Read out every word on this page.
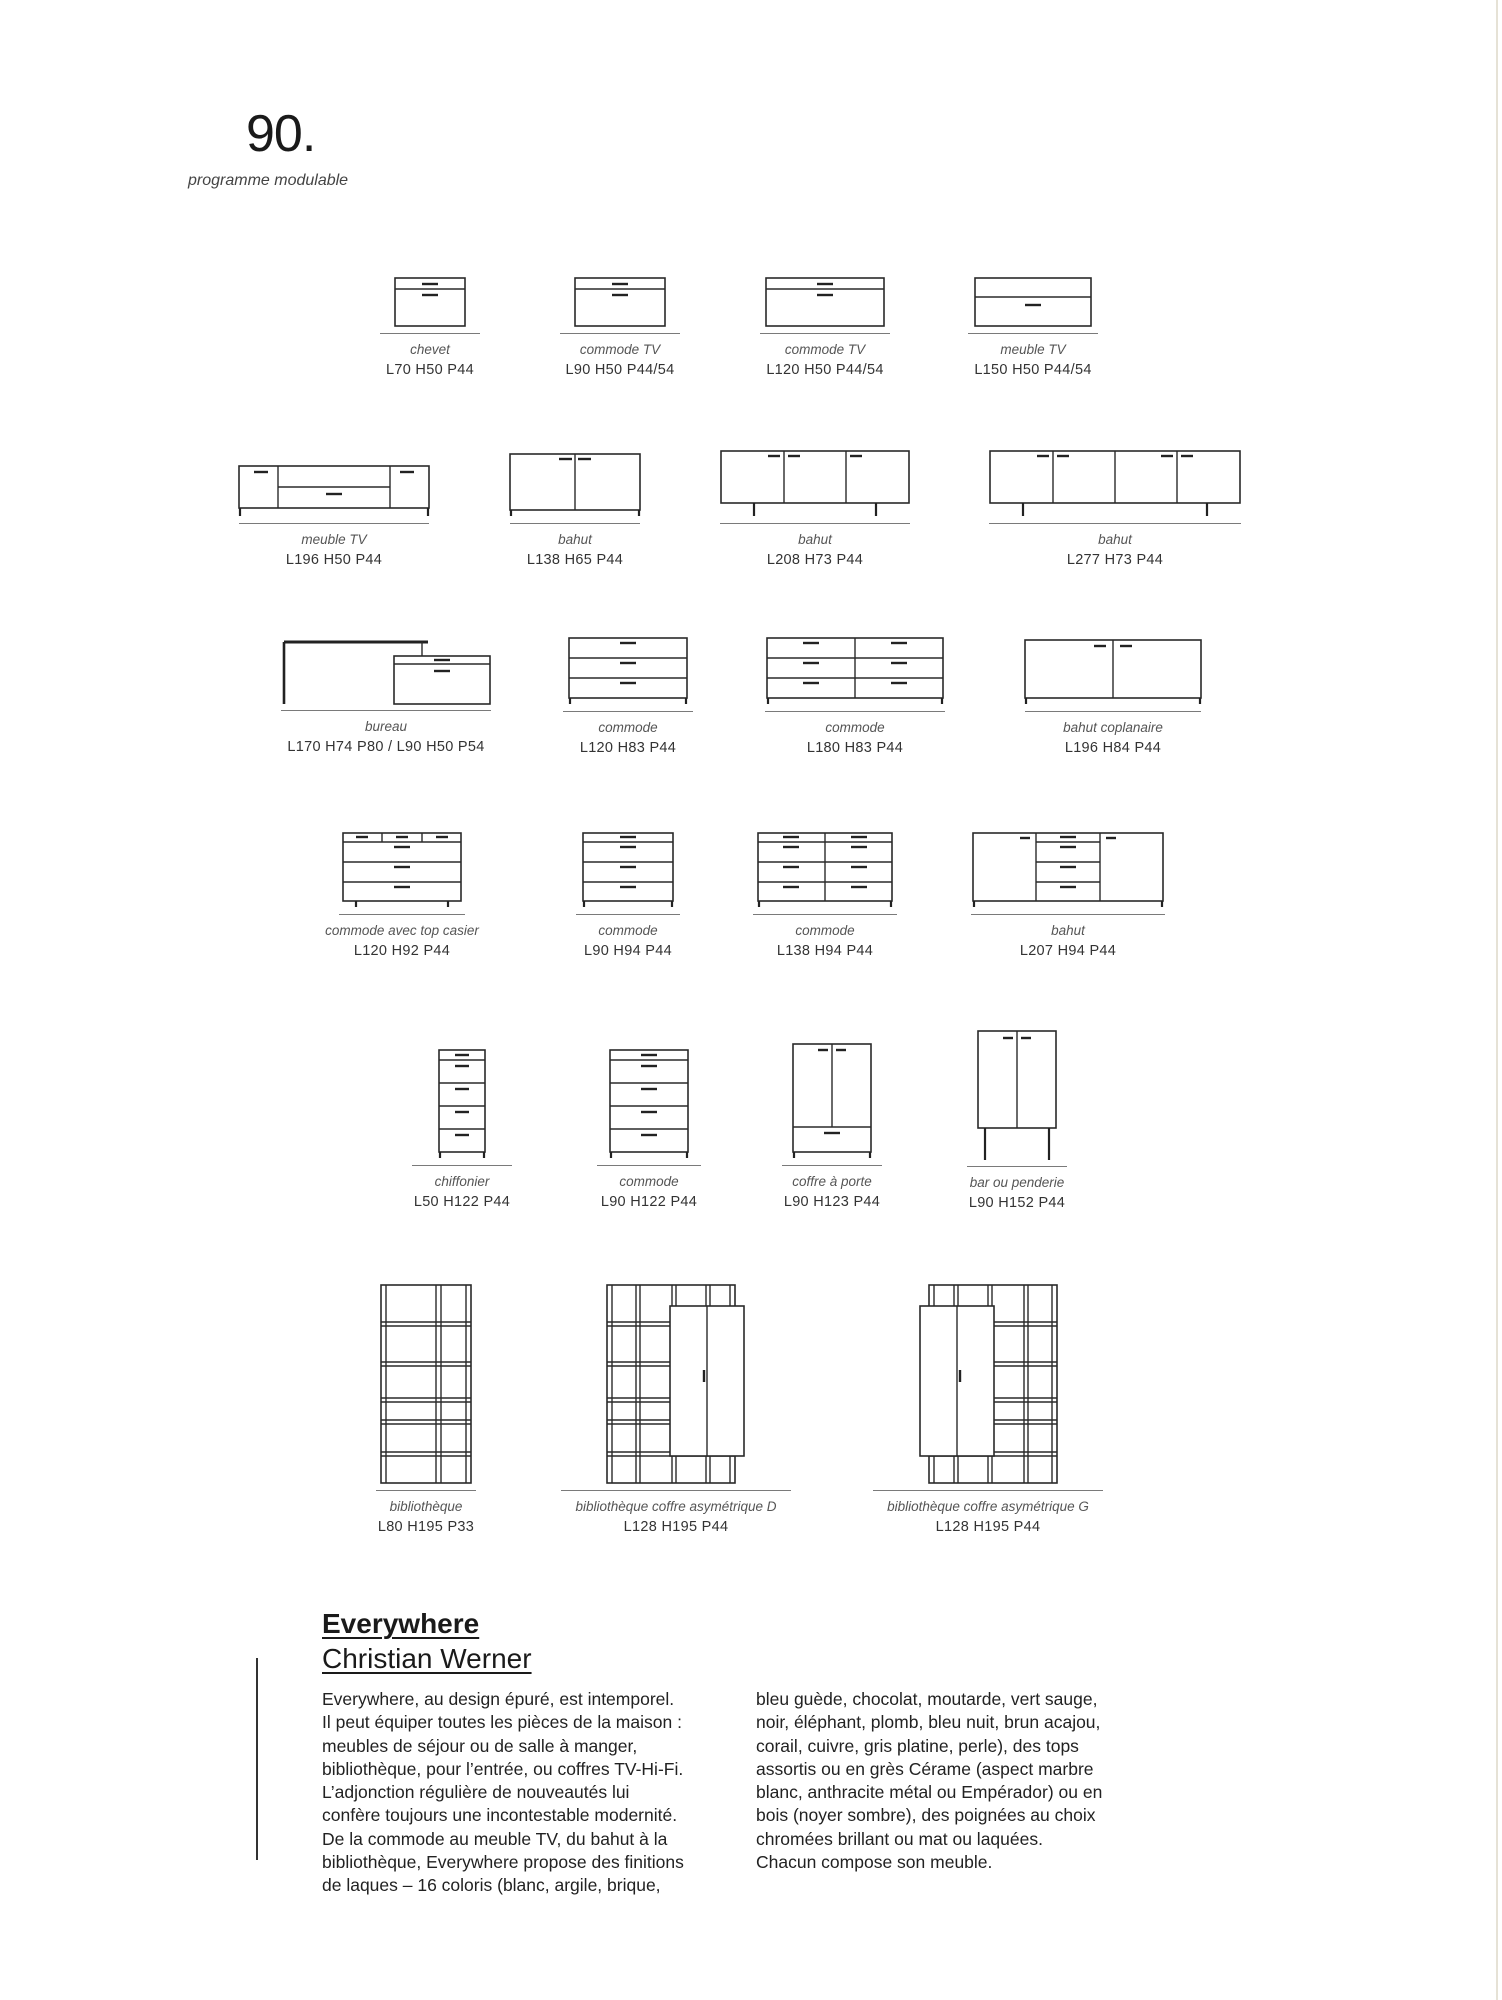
90.
programme modulable
chevet
L70 H50 P44
commode TV
L90 H50 P44/54
commode TV
L120 H50 P44/54
meuble TV
L150 H50 P44/54
meuble TV
L196 H50 P44
bahut
L138 H65 P44
bahut
L208 H73 P44
bahut
L277 H73 P44
bureau
L170 H74 P80 / L90 H50 P54
commode
L120 H83 P44
commode
L180 H83 P44
bahut coplanaire
L196 H84 P44
commode avec top casier
L120 H92 P44
commode
L90 H94 P44
commode
L138 H94 P44
bahut
L207 H94 P44
chiffonier
L50 H122 P44
commode
L90 H122 P44
coffre à porte
L90 H123 P44
bar ou penderie
L90 H152 P44
bibliothèque
L80 H195 P33
bibliothèque coffre asymétrique D
L128 H195 P44
bibliothèque coffre asymétrique G
L128 H195 P44
Everywhere
Christian Werner

Everywhere, au design épuré, est intemporel.

Il peut équiper toutes les pièces de la maison :

meubles de séjour ou de salle à manger,

bibliothèque, pour l’entrée, ou coffres TV-Hi-Fi.

L’adjonction régulière de nouveautés lui

confère toujours une incontestable modernité.

De la commode au meuble TV, du bahut à la

bibliothèque, Everywhere propose des finitions

de laques – 16 coloris (blanc, argile, brique,

bleu guède, chocolat, moutarde, vert sauge,

noir, éléphant, plomb, bleu nuit, brun acajou,

corail, cuivre, gris platine, perle), des tops

assortis ou en grès Cérame (aspect marbre

blanc, anthracite métal ou Empérador) ou en

bois (noyer sombre), des poignées au choix

chromées brillant ou mat ou laquées.

Chacun compose son meuble.
